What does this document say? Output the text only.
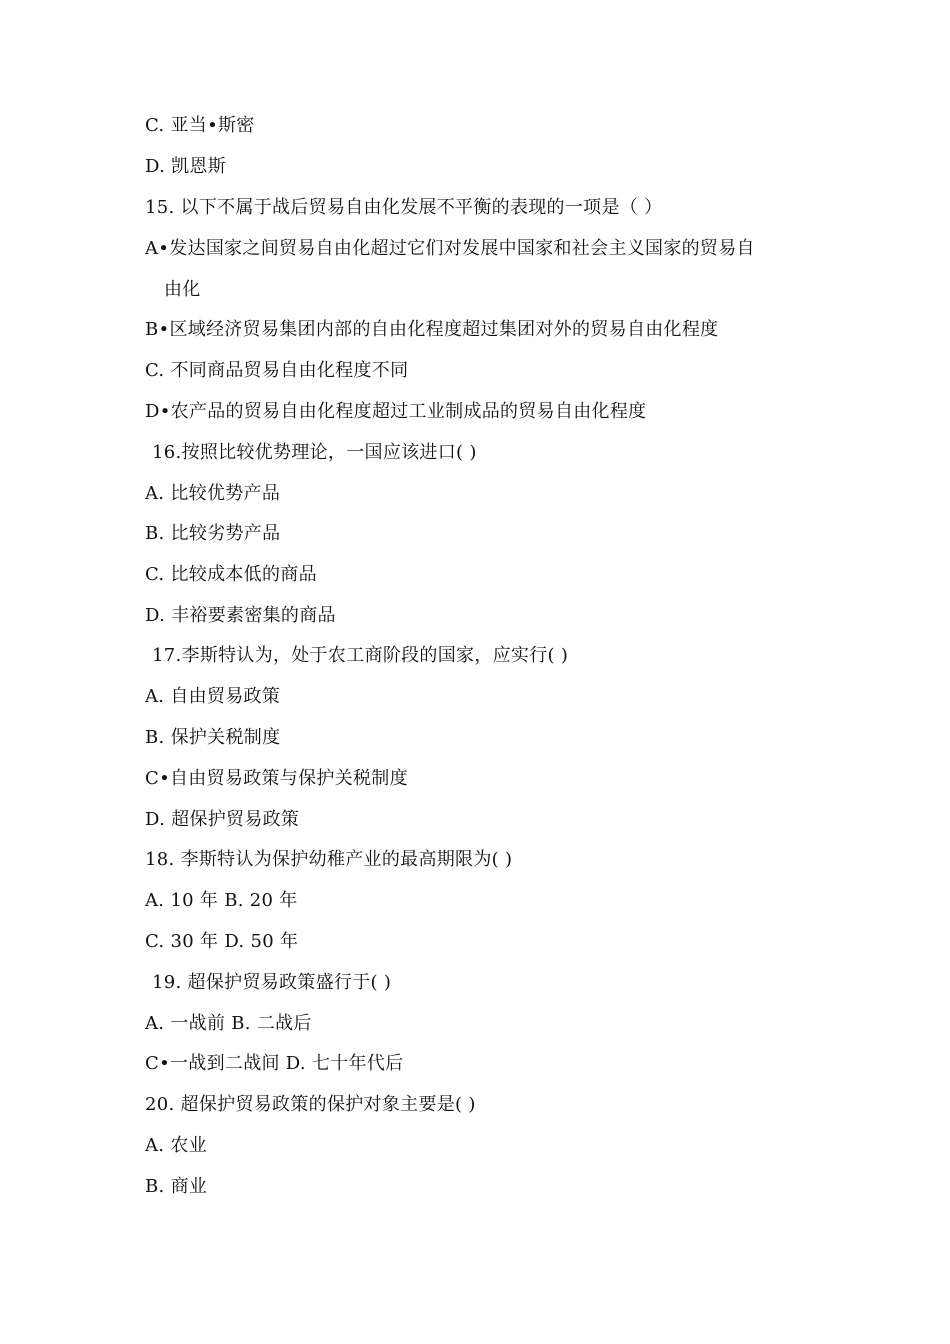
C. 亚当•斯密
D. 凯恩斯
15. 以下不属于战后贸易自由化发展不平衡的表现的一项是（ ）
A•发达国家之间贸易自由化超过它们对发展中国家和社会主义国家的贸易自
由化
B•区域经济贸易集团内部的自由化程度超过集团对外的贸易自由化程度
C. 不同商品贸易自由化程度不同
D•农产品的贸易自由化程度超过工业制成品的贸易自由化程度
16.按照比较优势理论，一国应该进口( )
A. 比较优势产品
B. 比较劣势产品
C. 比较成本低的商品
D. 丰裕要素密集的商品
17.李斯特认为，处于农工商阶段的国家，应实行( )
A. 自由贸易政策
B. 保护关税制度
C•自由贸易政策与保护关税制度
D. 超保护贸易政策
18. 李斯特认为保护幼稚产业的最高期限为( )
A. 10 年 B. 20 年
C. 30 年 D. 50 年
19. 超保护贸易政策盛行于( )
A. 一战前 B. 二战后
C•一战到二战间 D. 七十年代后
20. 超保护贸易政策的保护对象主要是( )
A. 农业
B. 商业
